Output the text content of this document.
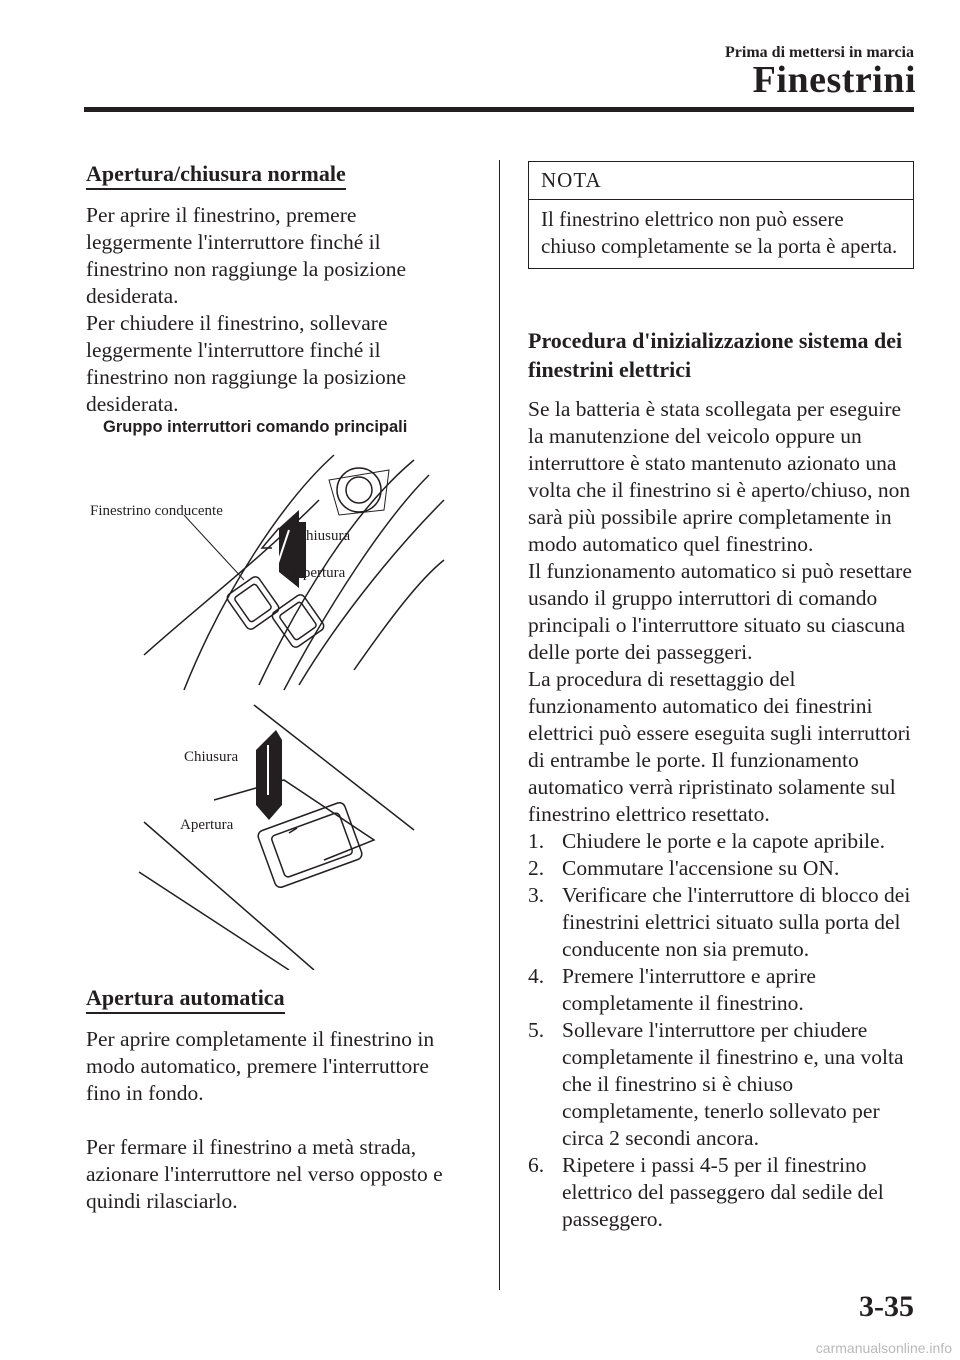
Prima di mettersi in marcia
Finestrini
Apertura/chiusura normale

Per aprire il finestrino, premere leggermente l'interruttore finché il finestrino non raggiunge la posizione desiderata.

Per chiudere il finestrino, sollevare leggermente l'interruttore finché il finestrino non raggiunge la posizione desiderata.

Gruppo interruttori comando principali
Finestrino conducente
Chiusura
Apertura
Chiusura
Apertura
Apertura automatica

Per aprire completamente il finestrino in modo automatico, premere l'interruttore fino in fondo.

Per fermare il finestrino a metà strada, azionare l'interruttore nel verso opposto e quindi rilasciarlo.

NOTA
Il finestrino elettrico non può essere chiuso completamente se la porta è aperta.
Procedura d'inizializzazione sistema dei finestrini elettrici

Se la batteria è stata scollegata per eseguire la manutenzione del veicolo oppure un interruttore è stato mantenuto azionato una volta che il finestrino si è aperto/chiuso, non sarà più possibile aprire completamente in modo automatico quel finestrino.

Il funzionamento automatico si può resettare usando il gruppo interruttori di comando principali o l'interruttore situato su ciascuna delle porte dei passeggeri.

La procedura di resettaggio del funzionamento automatico dei finestrini elettrici può essere eseguita sugli interruttori di entrambe le porte. Il funzionamento automatico verrà ripristinato solamente sul finestrino elettrico resettato.

1. Chiudere le porte e la capote apribile.
2. Commutare l'accensione su ON.
3. Verificare che l'interruttore di blocco dei finestrini elettrici situato sulla porta del conducente non sia premuto.
4. Premere l'interruttore e aprire completamente il finestrino.
5. Sollevare l'interruttore per chiudere completamente il finestrino e, una volta che il finestrino si è chiuso completamente, tenerlo sollevato per circa 2 secondi ancora.
6. Ripetere i passi 4-5 per il finestrino elettrico del passeggero dal sedile del passeggero.
3-35
carmanualsonline.info
